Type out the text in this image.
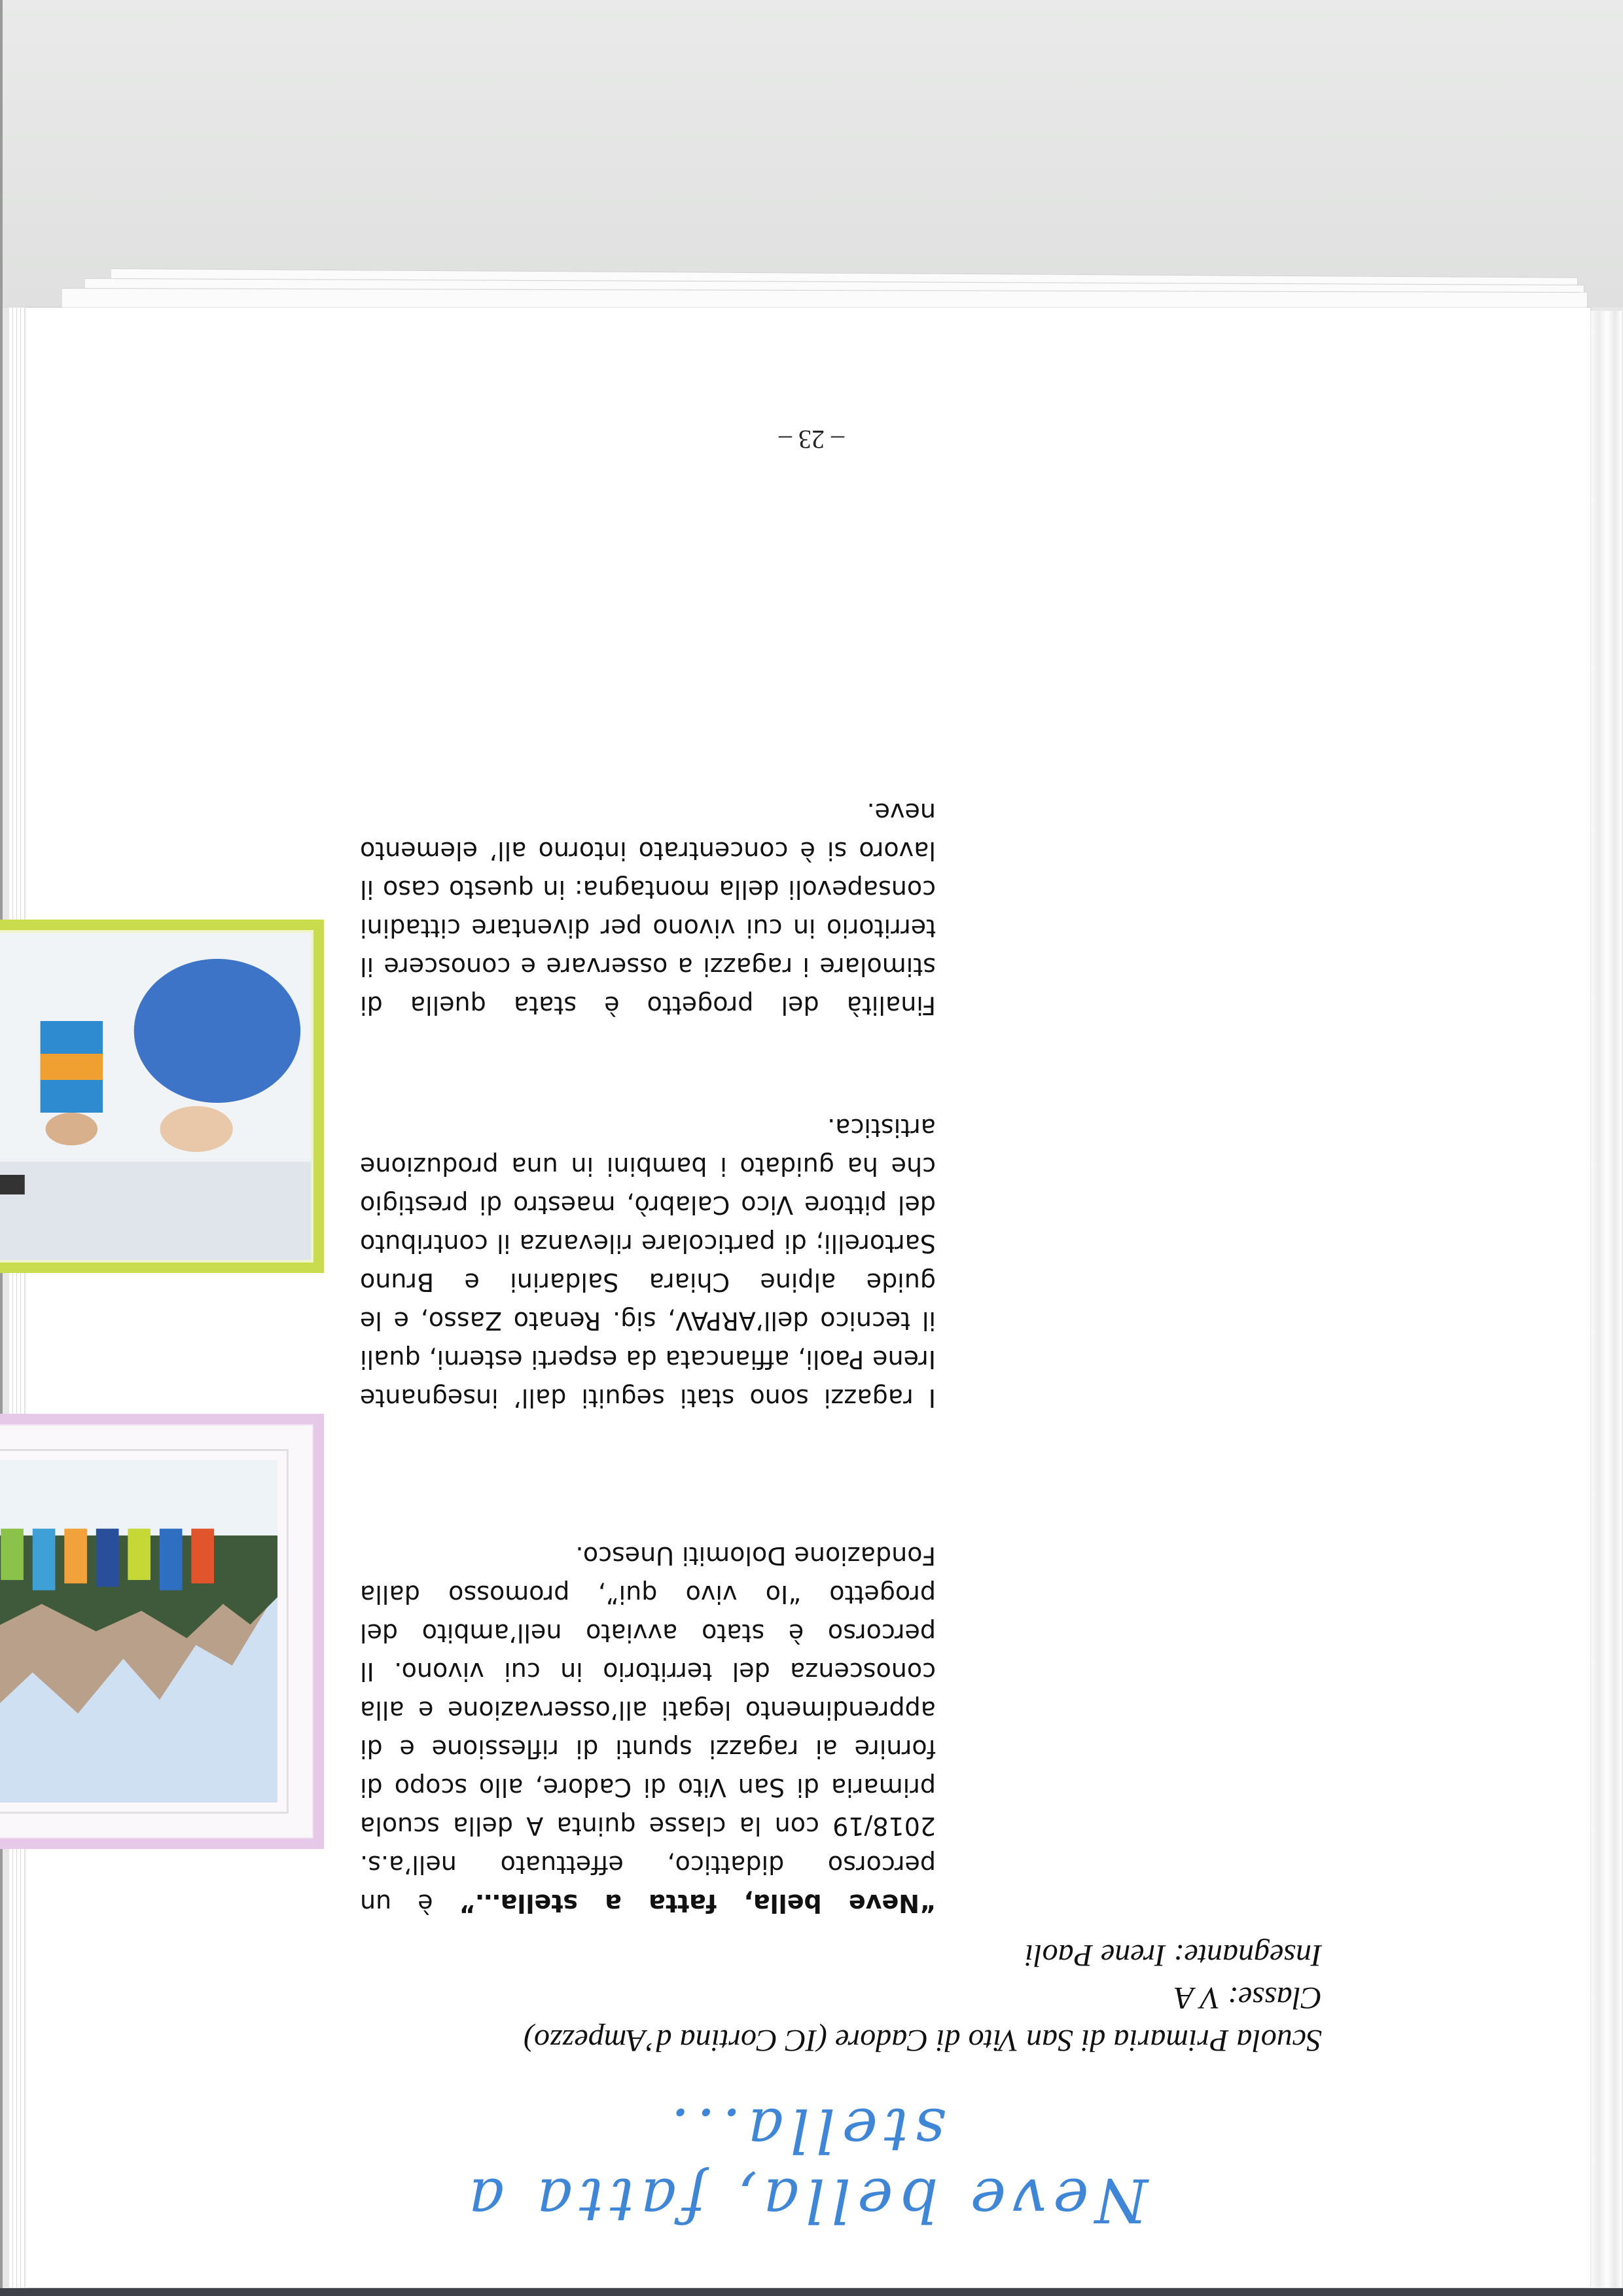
Neve bella, fatta a stella...
Scuola Primaria di San Vito di Cadore (IC Cortina d’Ampezzo)
Classe: V A
Insegnante: Irene Paoli

“Neve bella, fatta a stella…” è un percorso didattico, effettuato nell’a.s. 2018/19 con la classe quinta A della scuola primaria di San Vito di Cadore, allo scopo di fornire ai ragazzi spunti di riflessione e di apprendimento legati all’osservazione e alla conoscenza del territorio in cui vivono. Il percorso è stato avviato nell’ambito del progetto “Io vivo qui”, promosso dalla Fondazione Dolomiti Unesco.

I ragazzi sono stati seguiti dall’ insegnante Irene Paoli, affiancata da esperti esterni, quali il tecnico dell’ARPAV, sig. Renato Zasso, e le guide alpine Chiara Saldarini e Bruno Sartorelli; di particolare rilevanza il contributo del pittore Vico Calabrò, maestro di prestigio che ha guidato i bambini in una produzione artistica.

Finalità del progetto è stata quella di stimolare i ragazzi a osservare e conoscere il territorio in cui vivono per diventare cittadini consapevoli della montagna: in questo caso il lavoro si è concentrato intorno all’ elemento neve.

– 23 –
